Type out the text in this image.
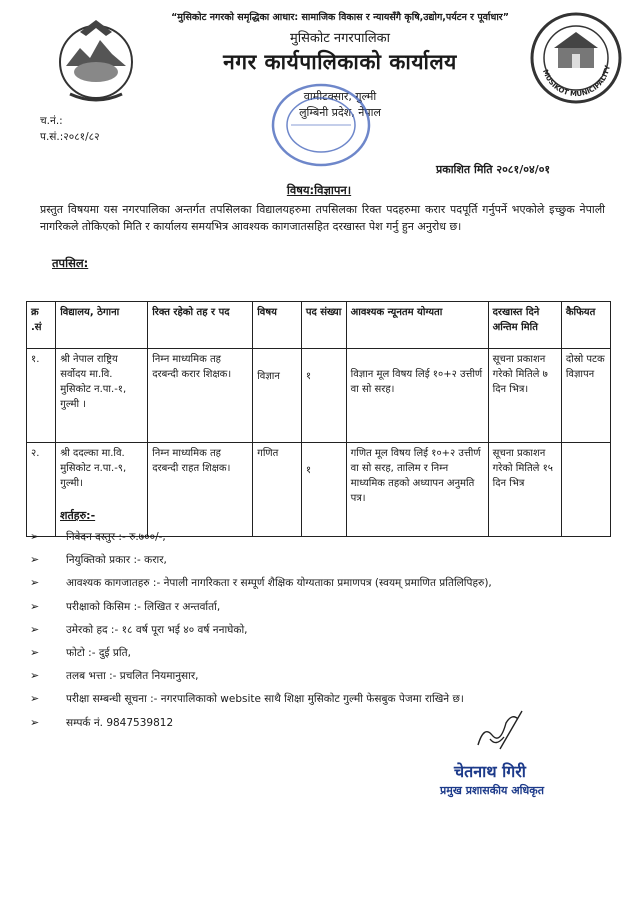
MUSIKOT MUNICIPALITY
“मुसिकोट नगरको समृद्धिका आधार: सामाजिक विकास र न्यायसँगै कृषि,उद्योग,पर्यटन र पूर्वाधार”
मुसिकोट नगरपालिका
नगर कार्यपालिकाको कार्यालय
वामीटक्सार, गुल्मी
लुम्बिनी प्रदेश, नेपाल
च.नं.:
प.सं.:२०८१/८२
प्रकाशित मिति २०८१/०४/०१
विषय:विज्ञापन।
प्रस्तुत विषयमा यस नगरपालिका अन्तर्गत तपसिलका विद्यालयहरुमा तपसिलका रिक्त पदहरुमा करार पदपूर्ति गर्नुपर्ने भएकोले इच्छुक नेपाली नागरिकले तोकिएको मिति र कार्यालय समयभित्र आवश्यक कागजातसहित दरखास्त पेश गर्नु हुन अनुरोध छ।
तपसिल:
क्र .सं	विद्यालय, ठेगाना	रिक्त रहेको तह र पद	विषय	पद संख्या	आवश्यक न्यूनतम योग्यता	दरखास्त दिने अन्तिम मिति	कैफियत
१.	श्री नेपाल राष्ट्रिय सर्वोदय मा.वि. मुसिकोट न.पा.-१, गुल्मी ।	निम्न माध्यमिक तह दरबन्दी करार शिक्षक।	विज्ञान	१	विज्ञान मूल विषय लिई १०+२ उत्तीर्ण वा सो सरह।	सूचना प्रकाशन गरेको मितिले ७ दिन भित्र।	दोस्रो पटक विज्ञापन
२.	श्री ददल्का मा.वि. मुसिकोट न.पा.-९, गुल्मी।	निम्न माध्यमिक तह दरबन्दी राहत शिक्षक।	गणित	१	गणित मूल विषय लिई १०+२ उत्तीर्ण वा सो सरह, तालिम र निम्न माध्यमिक तहको अध्यापन अनुमति पत्र।	सूचना प्रकाशन गरेको मितिले १५ दिन भित्र	
शर्तहरु:-
➢	निवेदन दस्तुर :- रु.७००/-,
➢	नियुक्तिको प्रकार :- करार,
➢	आवश्यक कागजातहरु :- नेपाली नागरिकता र सम्पूर्ण शैक्षिक योग्यताका प्रमाणपत्र (स्वयम् प्रमाणित प्रतिलिपिहरु),
➢	परीक्षाको किसिम :- लिखित र अन्तर्वार्ता,
➢	उमेरको हद :- १८ वर्ष पूरा भई ४० वर्ष ननाघेको,
➢	फोटो :- दुई प्रति,
➢	तलब भत्ता :- प्रचलित नियमानुसार,
➢	परीक्षा सम्बन्धी सूचना :- नगरपालिकाको website साथै शिक्षा मुसिकोट गुल्मी फेसबुक पेजमा राखिने छ।
➢	सम्पर्क नं. 9847539812
चेतनाथ गिरी
प्रमुख प्रशासकीय अधिकृत
